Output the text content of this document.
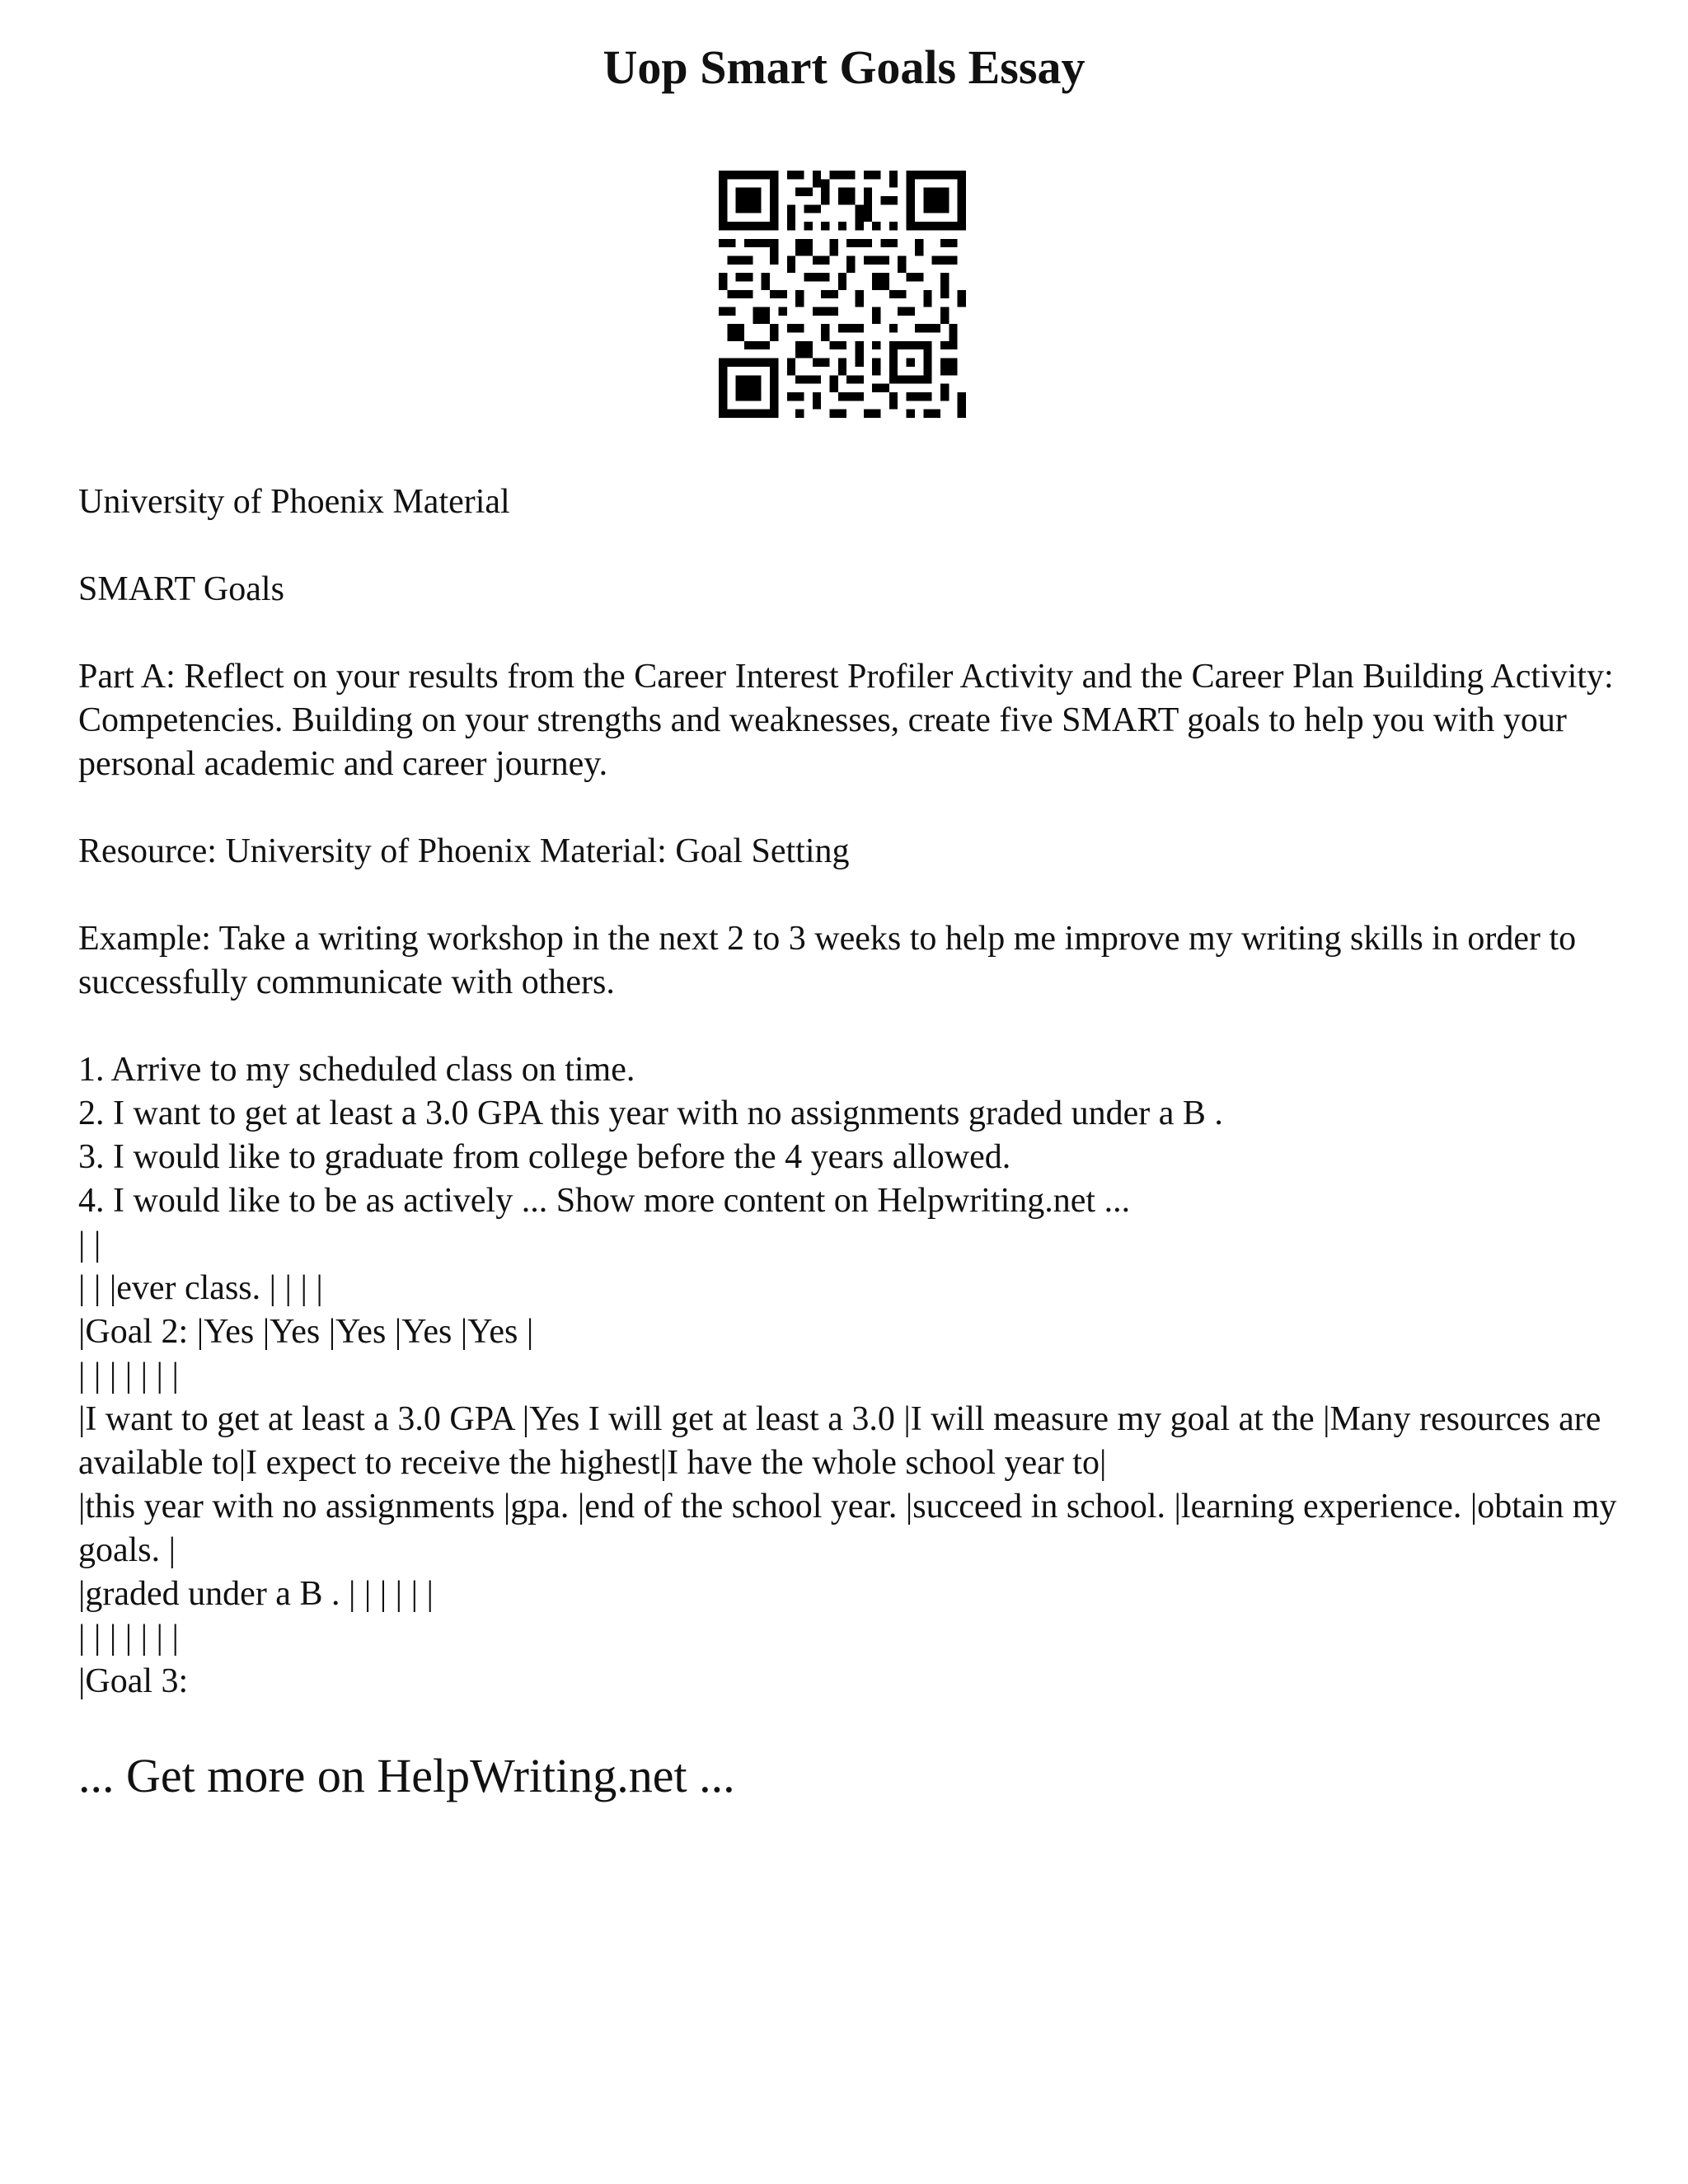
Uop Smart Goals Essay

University of Phoenix Material

SMART Goals

Part A: Reflect on your results from the Career Interest Profiler Activity and the Career Plan Building Activity: Competencies. Building on your strengths and weaknesses, create five SMART goals to help you with your personal academic and career journey.

Resource: University of Phoenix Material: Goal Setting

Example: Take a writing workshop in the next 2 to 3 weeks to help me improve my writing skills in order to successfully communicate with others.

1. Arrive to my scheduled class on time.

2. I want to get at least a 3.0 GPA this year with no assignments graded under a B .

3. I would like to graduate from college before the 4 years allowed.

4. I would like to be as actively ... Show more content on Helpwriting.net ...

| |

| | |ever class. | | | |

|Goal 2: |Yes |Yes |Yes |Yes |Yes |

| | | | | | |

|I want to get at least a 3.0 GPA |Yes I will get at least a 3.0 |I will measure my goal at the |Many resources are available to|I expect to receive the highest|I have the whole school year to|

|this year with no assignments |gpa. |end of the school year. |succeed in school. |learning experience. |obtain my goals. |

|graded under a B . | | | | | |

| | | | | | |

|Goal 3:

... Get more on HelpWriting.net ...
